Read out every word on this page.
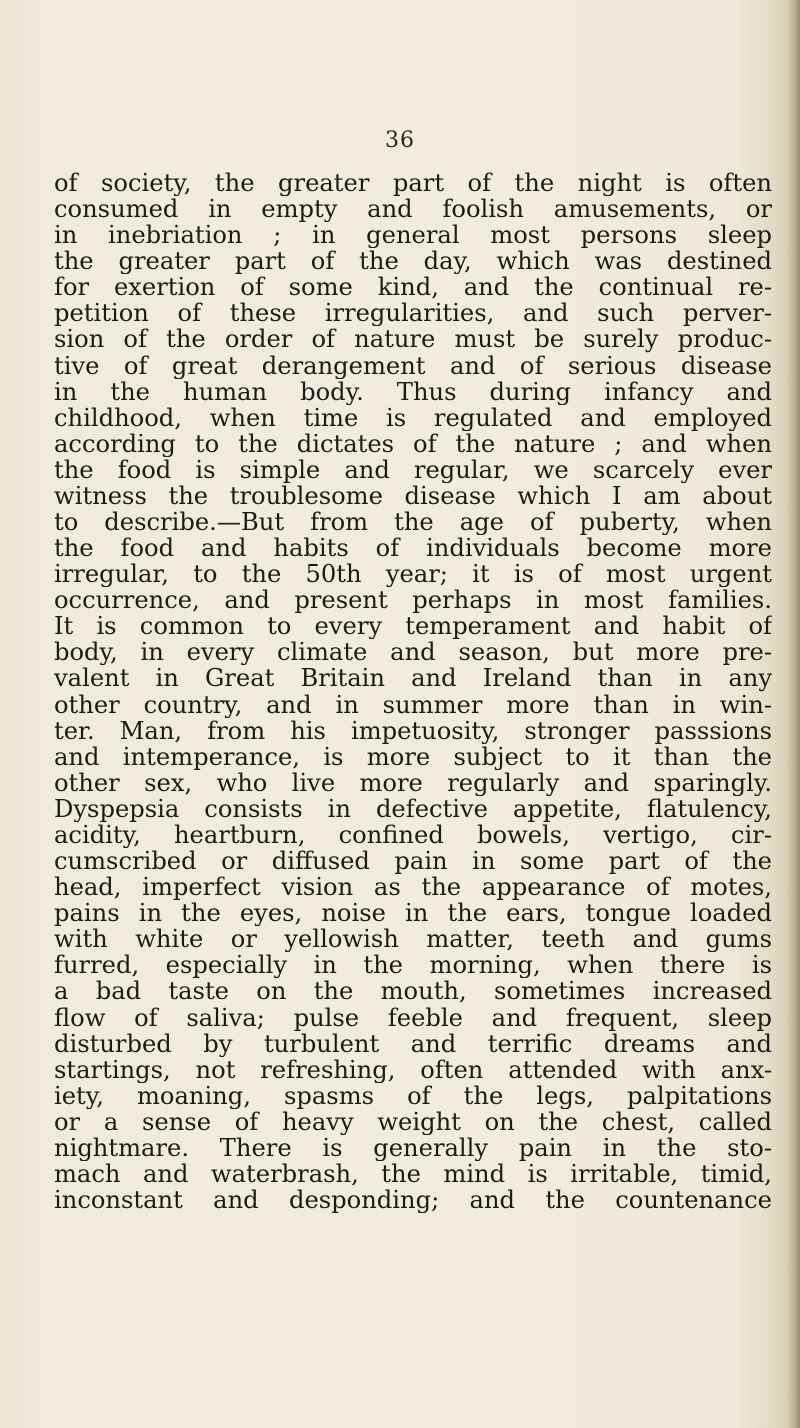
36
of society, the greater part of the night is often
consumed in empty and foolish amusements, or
in inebriation ; in general most persons sleep
the greater part of the day, which was destined
for exertion of some kind, and the continual re-
petition of these irregularities, and such perver-
sion of the order of nature must be surely produc-
tive of great derangement and of serious disease
in the human body. Thus during infancy and
childhood, when time is regulated and employed
according to the dictates of the nature ; and when
the food is simple and regular, we scarcely ever
witness the troublesome disease which I am about
to describe.—But from the age of puberty, when
the food and habits of individuals become more
irregular, to the 50th year; it is of most urgent
occurrence, and present perhaps in most families.
It is common to every temperament and habit of
body, in every climate and season, but more pre-
valent in Great Britain and Ireland than in any
other country, and in summer more than in win-
ter. Man, from his impetuosity, stronger passsions
and intemperance, is more subject to it than the
other sex, who live more regularly and sparingly.
Dyspepsia consists in defective appetite, flatulency,
acidity, heartburn, confined bowels, vertigo, cir-
cumscribed or diffused pain in some part of the
head, imperfect vision as the appearance of motes,
pains in the eyes, noise in the ears, tongue loaded
with white or yellowish matter, teeth and gums
furred, especially in the morning, when there is
a bad taste on the mouth, sometimes increased
flow of saliva; pulse feeble and frequent, sleep
disturbed by turbulent and terrific dreams and
startings, not refreshing, often attended with anx-
iety, moaning, spasms of the legs, palpitations
or a sense of heavy weight on the chest, called
nightmare. There is generally pain in the sto-
mach and waterbrash, the mind is irritable, timid,
inconstant and desponding; and the countenance
